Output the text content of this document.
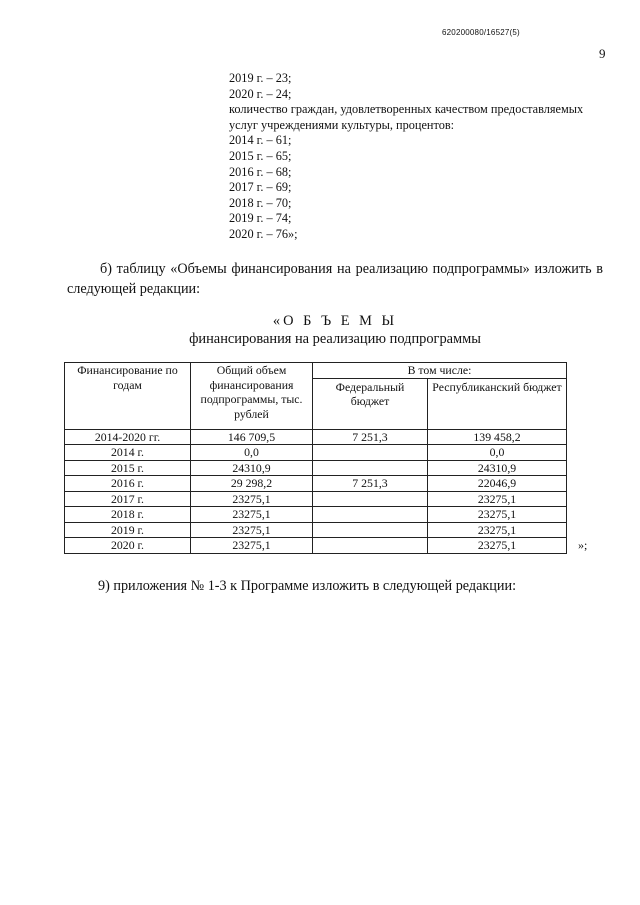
620200080/16527(5)
9
2019 г. – 23;
2020 г. – 24;
количество граждан, удовлетворенных качеством предоставляемых
услуг учреждениями культуры, процентов:
2014 г. – 61;
2015 г. – 65;
2016 г. – 68;
2017 г. – 69;
2018 г. – 70;
2019 г. – 74;
2020 г. – 76»;
б) таблицу «Объемы финансирования на реализацию подпрограммы» изложить в следующей редакции:
«О Б Ъ Е М Ы
финансирования на реализацию подпрограммы
Финансирование по годам	Общий объем финансирования подпрограммы, тыс. рублей	В том числе:	
		Федеральный бюджет	Республиканский бюджет
2014-2020 гг.	146 709,5	7 251,3	139 458,2
2014 г.	0,0		0,0
2015 г.	24310,9		24310,9
2016 г.	29 298,2	7 251,3	22046,9
2017 г.	23275,1		23275,1
2018 г.	23275,1		23275,1
2019 г.	23275,1		23275,1
2020 г.	23275,1		23275,1	»;
9) приложения № 1-3 к Программе изложить в следующей редакции:
